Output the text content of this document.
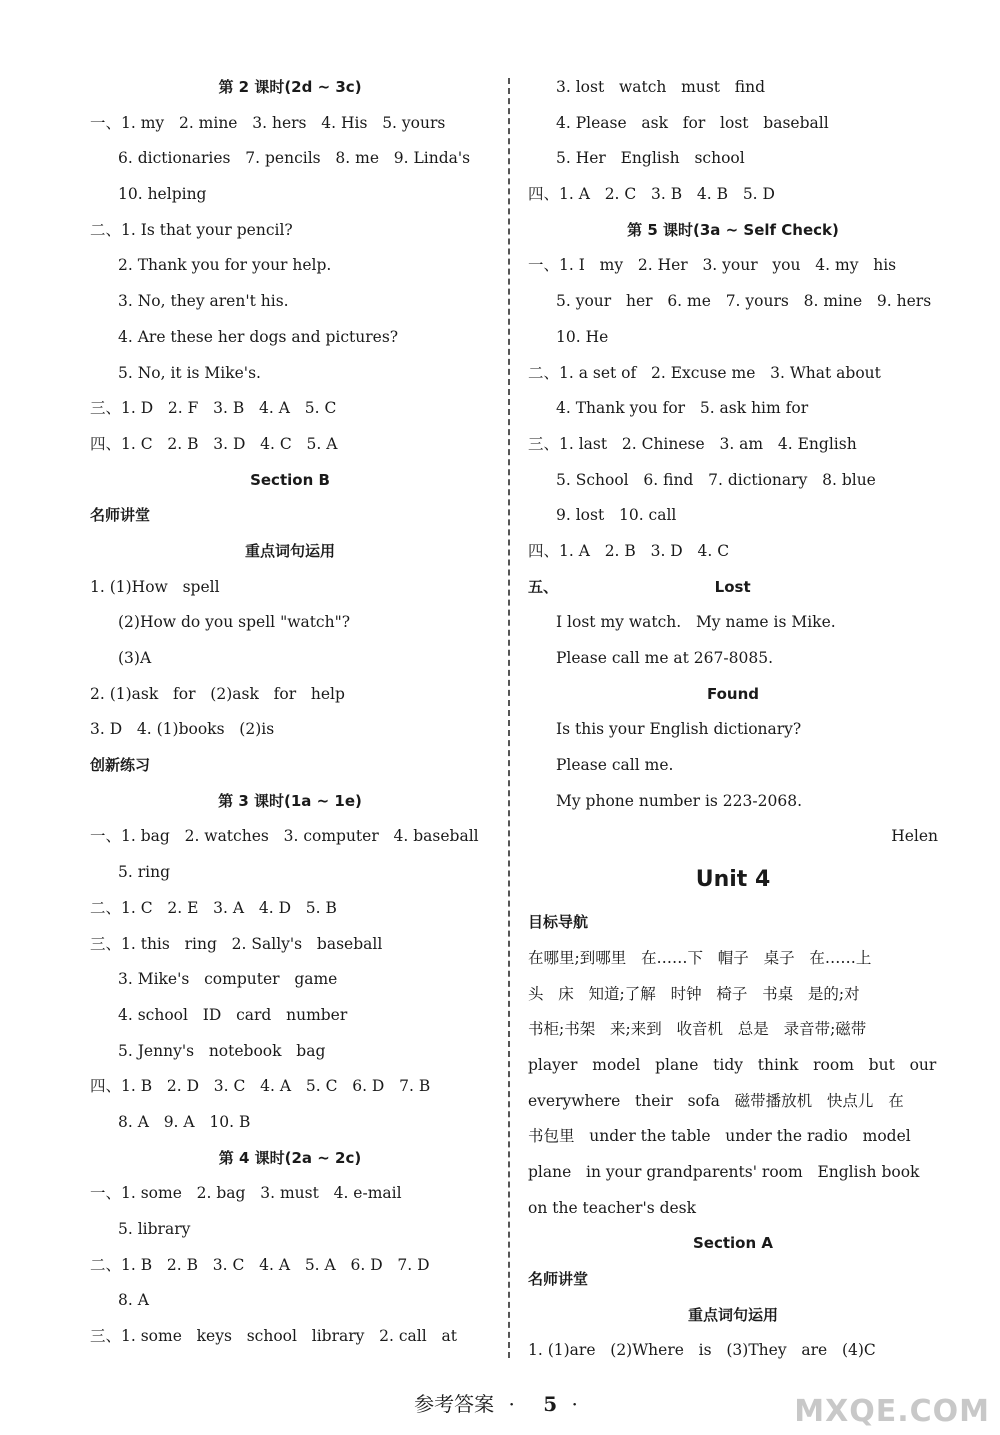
第 2 课时(2d ~ 3c)
一、1. my   2. mine   3. hers   4. His   5. yours
6. dictionaries   7. pencils   8. me   9. Linda's
10. helping
二、1. Is that your pencil?
2. Thank you for your help.
3. No, they aren't his.
4. Are these her dogs and pictures?
5. No, it is Mike's.
三、1. D   2. F   3. B   4. A   5. C
四、1. C   2. B   3. D   4. C   5. A
Section B
名师讲堂
重点词句运用
1. (1)How   spell
(2)How do you spell "watch"?
(3)A
2. (1)ask   for   (2)ask   for   help
3. D   4. (1)books   (2)is
创新练习
第 3 课时(1a ~ 1e)
一、1. bag   2. watches   3. computer   4. baseball
5. ring
二、1. C   2. E   3. A   4. D   5. B
三、1. this   ring   2. Sally's   baseball
3. Mike's   computer   game
4. school   ID   card   number
5. Jenny's   notebook   bag
四、1. B   2. D   3. C   4. A   5. C   6. D   7. B
8. A   9. A   10. B
第 4 课时(2a ~ 2c)
一、1. some   2. bag   3. must   4. e-mail
5. library
二、1. B   2. B   3. C   4. A   5. A   6. D   7. D
8. A
三、1. some   keys   school   library   2. call   at
3. lost   watch   must   find
4. Please   ask   for   lost   baseball
5. Her   English   school
四、1. A   2. C   3. B   4. B   5. D
第 5 课时(3a ~ Self Check)
一、1. I   my   2. Her   3. your   you   4. my   his
5. your   her   6. me   7. yours   8. mine   9. hers
10. He
二、1. a set of   2. Excuse me   3. What about
4. Thank you for   5. ask him for
三、1. last   2. Chinese   3. am   4. English
5. School   6. find   7. dictionary   8. blue
9. lost   10. call
四、1. A   2. B   3. D   4. C
五、                              Lost
I lost my watch.   My name is Mike.
Please call me at 267-8085.
Found
Is this your English dictionary?
Please call me.
My phone number is 223-2068.
Helen
Unit 4
目标导航
在哪里;到哪里   在……下   帽子   桌子   在……上
头   床   知道;了解   时钟   椅子   书桌   是的;对
书柜;书架   来;来到   收音机   总是   录音带;磁带
player   model   plane   tidy   think   room   but   our
everywhere   their   sofa   磁带播放机   快点儿   在
书包里   under the table   under the radio   model
plane   in your grandparents' room   English book
on the teacher's desk
Section A
名师讲堂
重点词句运用
1. (1)are   (2)Where   is   (3)They   are   (4)C
参考答案 · 5 ·	MXQE.COM
